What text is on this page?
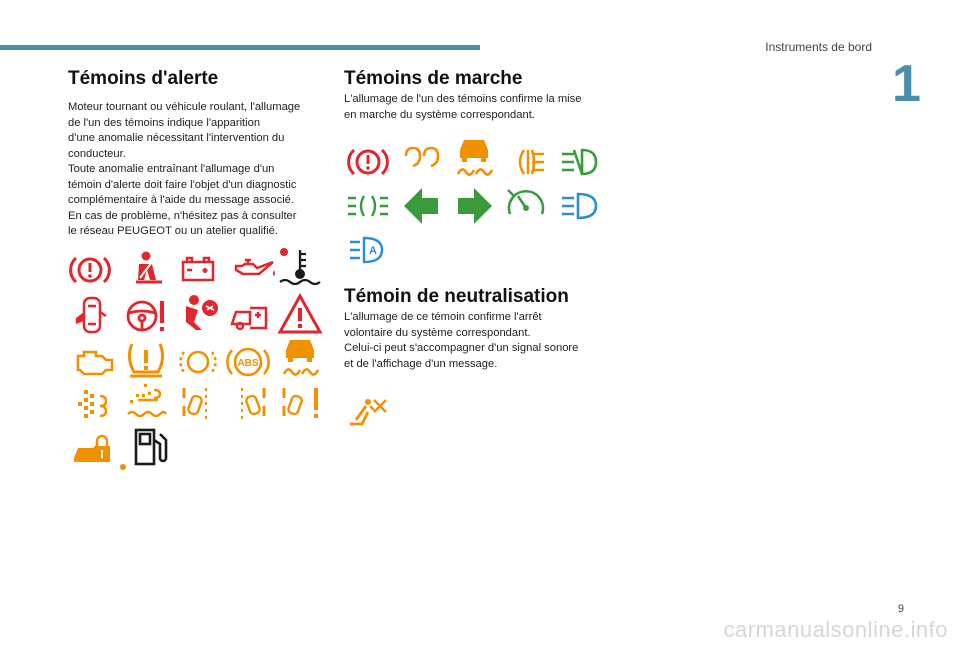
Instruments de bord
1
Témoins d'alerte
Moteur tournant ou véhicule roulant, l'allumage
de l'un des témoins indique l'apparition
d'une anomalie nécessitant l'intervention du
conducteur.
Toute anomalie entraînant l'allumage d'un
témoin d'alerte doit faire l'objet d'un diagnostic
complémentaire à l'aide du message associé.
En cas de problème, n'hésitez pas à consulter
le réseau PEUGEOT ou un atelier qualifié.
ABS
Témoins de marche
L'allumage de l'un des témoins confirme la mise
en marche du système correspondant.
A
Témoin de neutralisation
L'allumage de ce témoin confirme l'arrêt
volontaire du système correspondant.
Celui-ci peut s'accompagner d'un signal sonore
et de l'affichage d'un message.
9
carmanualsonline.info
